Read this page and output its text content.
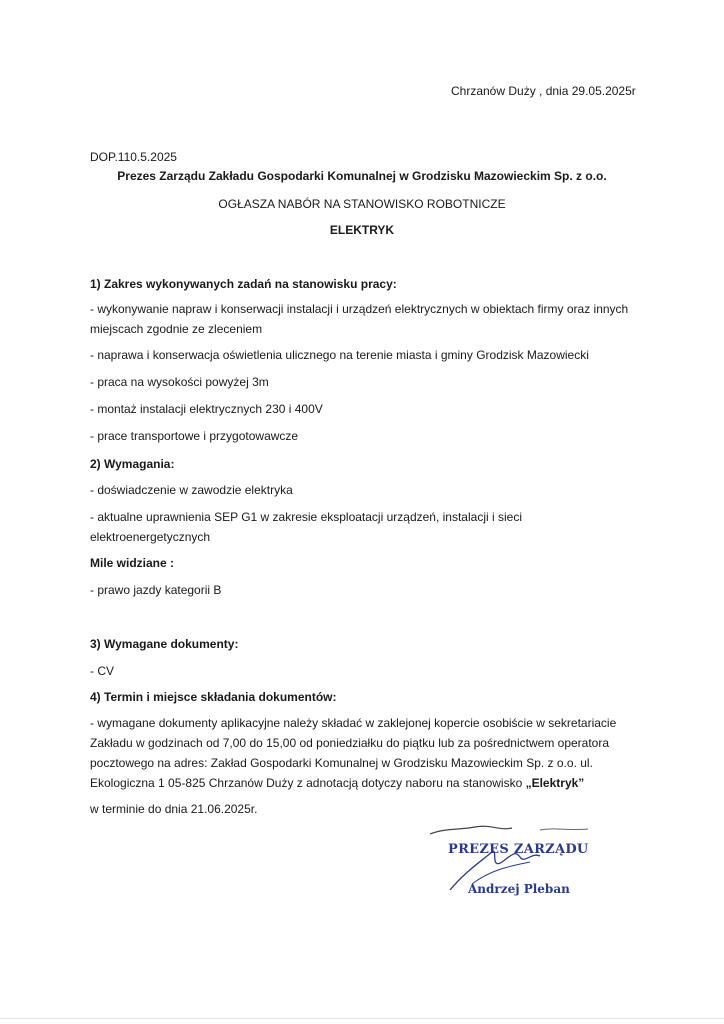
Chrzanów Duży , dnia 29.05.2025r
DOP.110.5.2025
Prezes Zarządu Zakładu Gospodarki Komunalnej w Grodzisku Mazowieckim Sp. z o.o.
OGŁASZA NABÓR NA STANOWISKO ROBOTNICZE
ELEKTRYK
1) Zakres wykonywanych zadań na stanowisku pracy:
- wykonywanie napraw i konserwacji instalacji i urządzeń elektrycznych w obiektach firmy oraz innych miejscach zgodnie ze zleceniem
- naprawa i konserwacja oświetlenia ulicznego na terenie miasta i gminy Grodzisk Mazowiecki
- praca na wysokości powyżej 3m
- montaż instalacji elektrycznych 230 i 400V
- prace transportowe i przygotowawcze
2) Wymagania:
- doświadczenie w zawodzie elektryka
- aktualne uprawnienia SEP G1 w zakresie eksploatacji urządzeń, instalacji i sieci elektroenergetycznych
Mile widziane :
- prawo jazdy kategorii B
3) Wymagane dokumenty:
- CV
4) Termin i miejsce składania dokumentów:
- wymagane dokumenty aplikacyjne należy składać w zaklejonej kopercie osobiście w sekretariacie Zakładu w godzinach od 7,00 do 15,00 od poniedziałku do piątku lub za pośrednictwem operatora pocztowego na adres: Zakład Gospodarki Komunalnej w Grodzisku Mazowieckim Sp. z o.o. ul. Ekologiczna 1 05-825 Chrzanów Duży z adnotacją dotyczy naboru na stanowisko „Elektryk”
w terminie do dnia 21.06.2025r.
PREZES ZARZĄDU
Andrzej Pleban
